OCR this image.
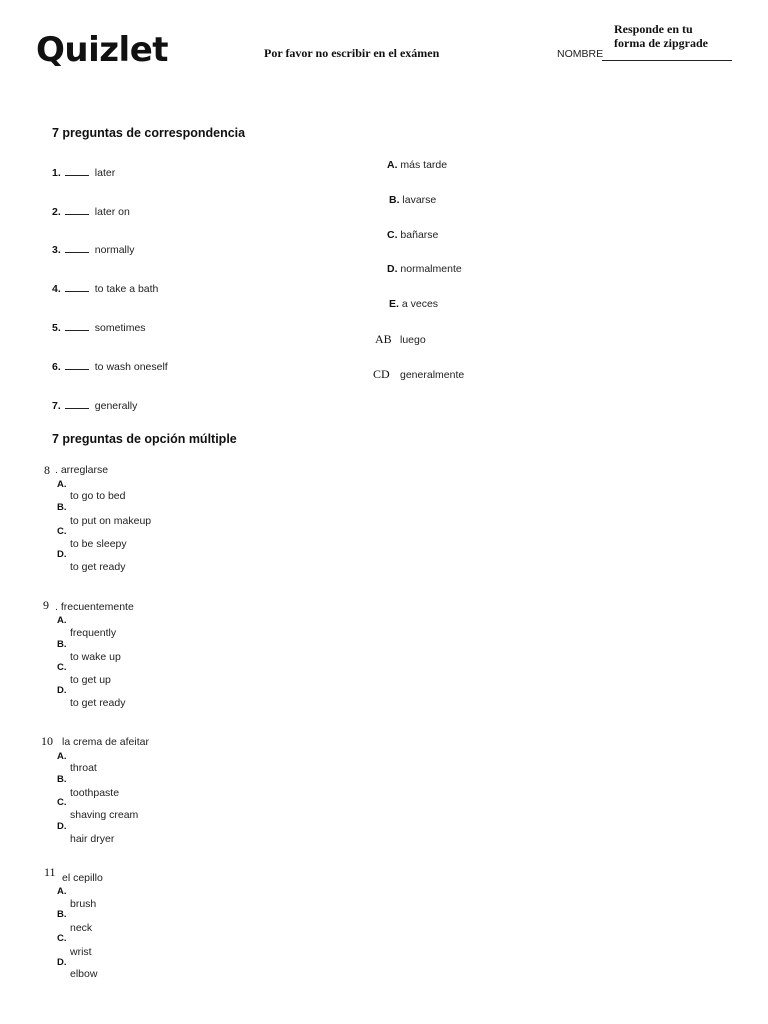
Quizlet	Por favor no escribir en el exámen
Responde en tu
forma de zipgrade
NOMBRE
7 preguntas de correspondencia
1.	later
2.	later on
3.	normally
4.	to take a bath
5.	sometimes
6.	to wash oneself
7.	generally
A. más tarde
B. lavarse
C. bañarse
D. normalmente
E. a veces
AB luego
CD generalmente
7 preguntas de opción múltiple
8 . arreglarse
A.
to go to bed
B.
to put on makeup
C.
to be sleepy
D.
to get ready
9 . frecuentemente
A.
frequently
B.
to wake up
C.
to get up
D.
to get ready
10 la crema de afeitar
A.
throat
B.
toothpaste
C.
shaving cream
D.
hair dryer
11 el cepillo
A.
brush
B.
neck
C.
wrist
D.
elbow
